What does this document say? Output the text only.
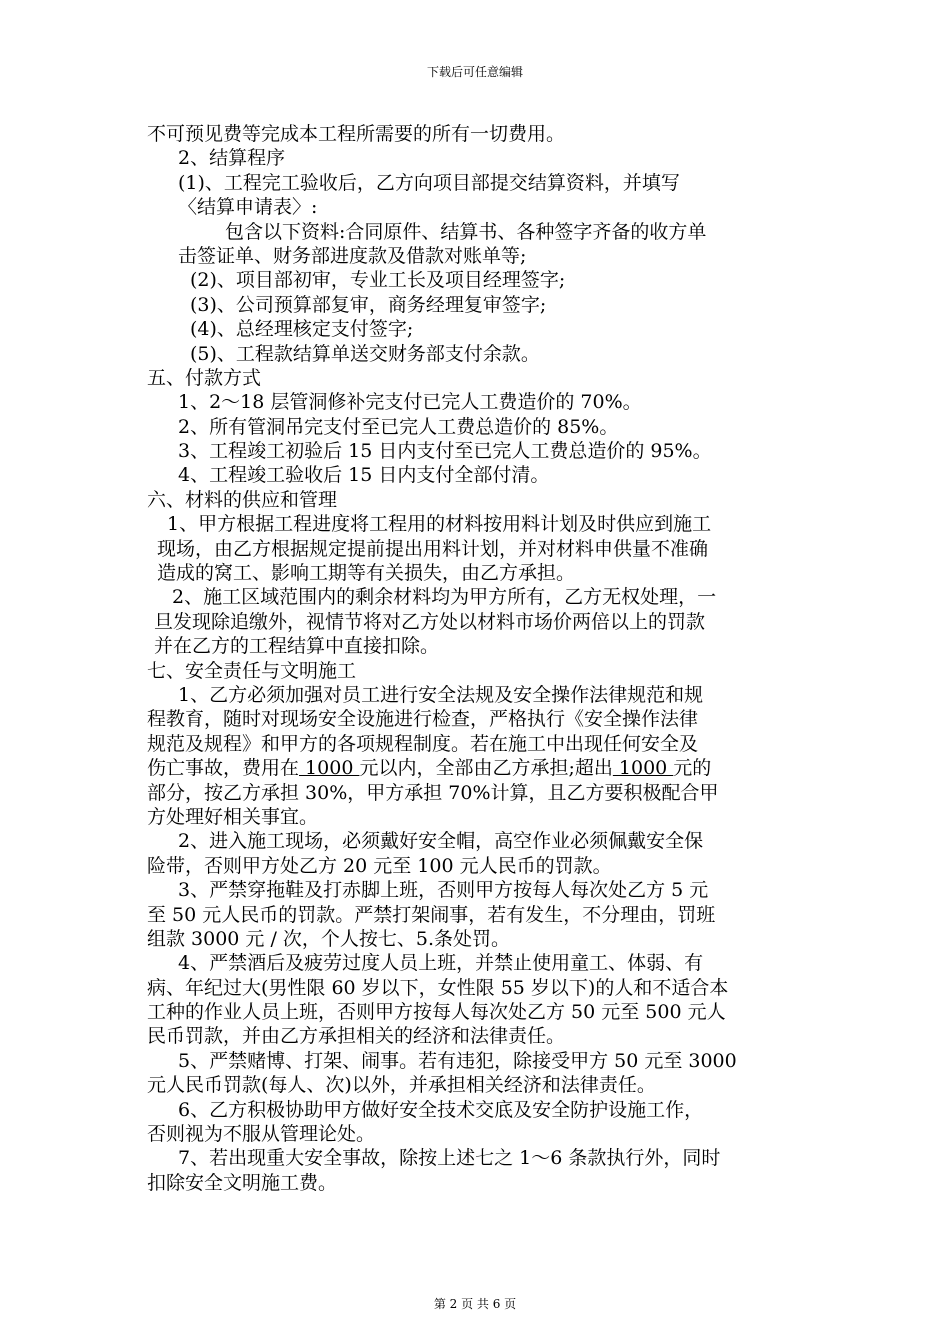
下载后可任意编辑
不可预见费等完成本工程所需要的所有一切费用。
2、结算程序
(1)、工程完工验收后，乙方向项目部提交结算资料，并填写
〈结算申请表〉:
包含以下资料:合同原件、结算书、各种签字齐备的收方单
击签证单、财务部进度款及借款对账单等;
(2)、项目部初审，专业工长及项目经理签字;
(3)、公司预算部复审，商务经理复审签字;
(4)、总经理核定支付签字;
(5)、工程款结算单送交财务部支付余款。
五、付款方式
1、2～18 层管洞修补完支付已完人工费造价的 70%。
2、所有管洞吊完支付至已完人工费总造价的 85%。
3、工程竣工初验后 15 日内支付至已完人工费总造价的 95%。
4、工程竣工验收后 15 日内支付全部付清。
六、材料的供应和管理
1、甲方根据工程进度将工程用的材料按用料计划及时供应到施工
现场，由乙方根据规定提前提出用料计划，并对材料申供量不准确
造成的窝工、影响工期等有关损失，由乙方承担。
2、施工区域范围内的剩余材料均为甲方所有，乙方无权处理，一
旦发现除追缴外，视情节将对乙方处以材料市场价两倍以上的罚款
并在乙方的工程结算中直接扣除。
七、安全责任与文明施工
1、乙方必须加强对员工进行安全法规及安全操作法律规范和规
程教育，随时对现场安全设施进行检查，严格执行《安全操作法律
规范及规程》和甲方的各项规程制度。若在施工中出现任何安全及
伤亡事故，费用在 1000 元以内，全部由乙方承担;超出 1000 元的
部分，按乙方承担 30%，甲方承担 70%计算，且乙方要积极配合甲
方处理好相关事宜。
2、进入施工现场，必须戴好安全帽，高空作业必须佩戴安全保
险带，否则甲方处乙方 20 元至 100 元人民币的罚款。
3、严禁穿拖鞋及打赤脚上班，否则甲方按每人每次处乙方 5 元
至 50 元人民币的罚款。严禁打架闹事，若有发生，不分理由，罚班
组款 3000 元 / 次，个人按七、5.条处罚。
4、严禁酒后及疲劳过度人员上班，并禁止使用童工、体弱、有
病、年纪过大(男性限 60 岁以下，女性限 55 岁以下)的人和不适合本
工种的作业人员上班，否则甲方按每人每次处乙方 50 元至 500 元人
民币罚款，并由乙方承担相关的经济和法律责任。
5、严禁赌博、打架、闹事。若有违犯，除接受甲方 50 元至 3000
元人民币罚款(每人、次)以外，并承担相关经济和法律责任。
6、乙方积极协助甲方做好安全技术交底及安全防护设施工作，
否则视为不服从管理论处。
7、若出现重大安全事故，除按上述七之 1～6 条款执行外，同时
扣除安全文明施工费。
第 2 页 共 6 页
